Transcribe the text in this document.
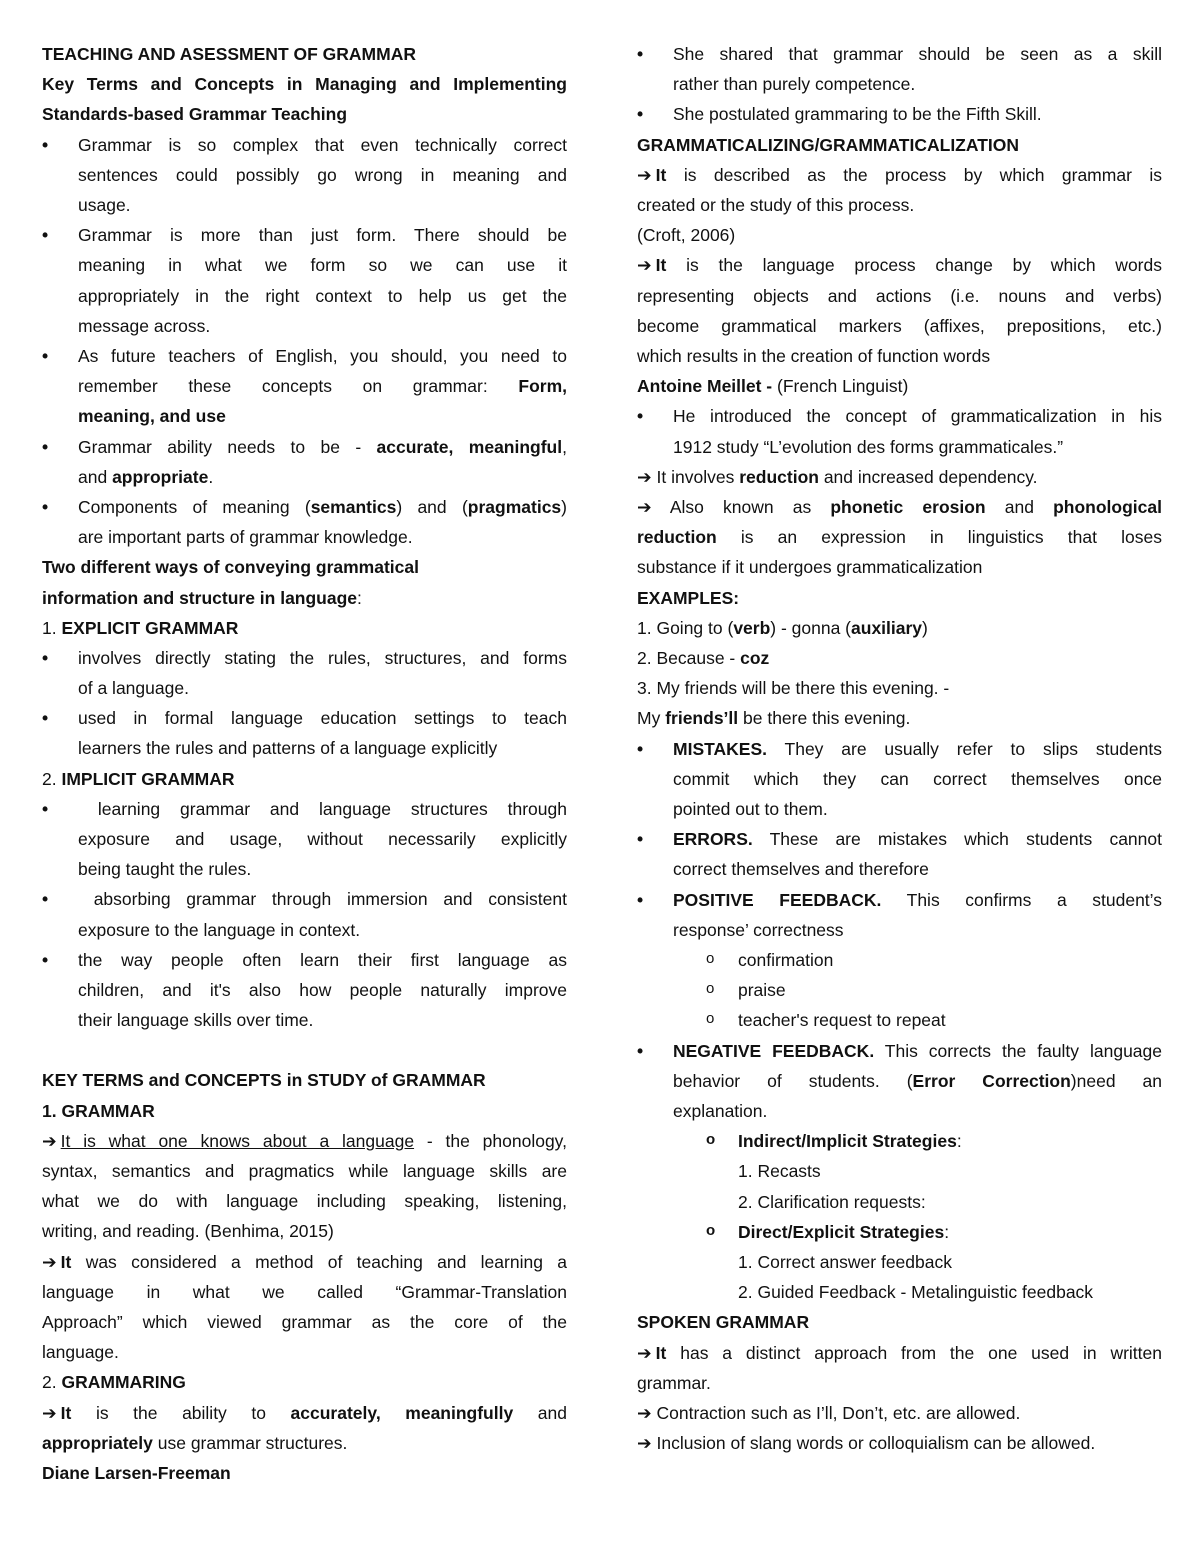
TEACHING AND ASESSMENT OF GRAMMAR
Key Terms and Concepts in Managing and Implementing
Standards-based Grammar Teaching
• Grammar is so complex that even technically correct
sentences could possibly go wrong in meaning and
usage.
• Grammar is more than just form. There should be
meaning in what we form so we can use it
appropriately in the right context to help us get the
message across.
• As future teachers of English, you should, you need to
remember these concepts on grammar: Form,
meaning, and use
• Grammar ability needs to be - accurate, meaningful,
and appropriate.
• Components of meaning (semantics) and (pragmatics)
are important parts of grammar knowledge.
Two different ways of conveying grammatical
information and structure in language:
1. EXPLICIT GRAMMAR
• involves directly stating the rules, structures, and forms
of a language.
• used in formal language education settings to teach
learners the rules and patterns of a language explicitly
2. IMPLICIT GRAMMAR
•  learning grammar and language structures through
exposure and usage, without necessarily explicitly
being taught the rules.
•  absorbing grammar through immersion and consistent
exposure to the language in context.
• the way people often learn their first language as
children, and it's also how people naturally improve
their language skills over time.
KEY TERMS and CONCEPTS in STUDY of GRAMMAR
1. GRAMMAR
➔ It is what one knows about a language - the phonology,
syntax, semantics and pragmatics while language skills are
what we do with language including speaking, listening,
writing, and reading. (Benhima, 2015)
➔ It was considered a method of teaching and learning a
language in what we called “Grammar-Translation
Approach” which viewed grammar as the core of the
language.
2. GRAMMARING
➔ It is the ability to accurately, meaningfully and
appropriately use grammar structures.
Diane Larsen-Freeman
• She shared that grammar should be seen as a skill
rather than purely competence.
• She postulated grammaring to be the Fifth Skill.
GRAMMATICALIZING/GRAMMATICALIZATION
➔ It is described as the process by which grammar is
created or the study of this process.
(Croft, 2006)
➔ It is the language process change by which words
representing objects and actions (i.e. nouns and verbs)
become grammatical markers (affixes, prepositions, etc.)
which results in the creation of function words
Antoine Meillet - (French Linguist)
• He introduced the concept of grammaticalization in his
1912 study “L’evolution des forms grammaticales.”
➔ It involves reduction and increased dependency.
➔ Also known as phonetic erosion and phonological
reduction is an expression in linguistics that loses
substance if it undergoes grammaticalization
EXAMPLES:
1. Going to (verb) - gonna (auxiliary)
2. Because - coz
3. My friends will be there this evening. -
My friends’ll be there this evening.
• MISTAKES. They are usually refer to slips students
commit which they can correct themselves once
pointed out to them.
• ERRORS. These are mistakes which students cannot
correct themselves and therefore
• POSITIVE FEEDBACK. This confirms a student’s
response’ correctness
o confirmation
o praise
o teacher's request to repeat
• NEGATIVE FEEDBACK. This corrects the faulty language
behavior of students. (Error Correction)need an
explanation.
o Indirect/Implicit Strategies:
1. Recasts
2. Clarification requests:
o Direct/Explicit Strategies:
1. Correct answer feedback
2. Guided Feedback - Metalinguistic feedback
SPOKEN GRAMMAR
➔ It has a distinct approach from the one used in written
grammar.
➔ Contraction such as I’ll, Don’t, etc. are allowed.
➔ Inclusion of slang words or colloquialism can be allowed.
